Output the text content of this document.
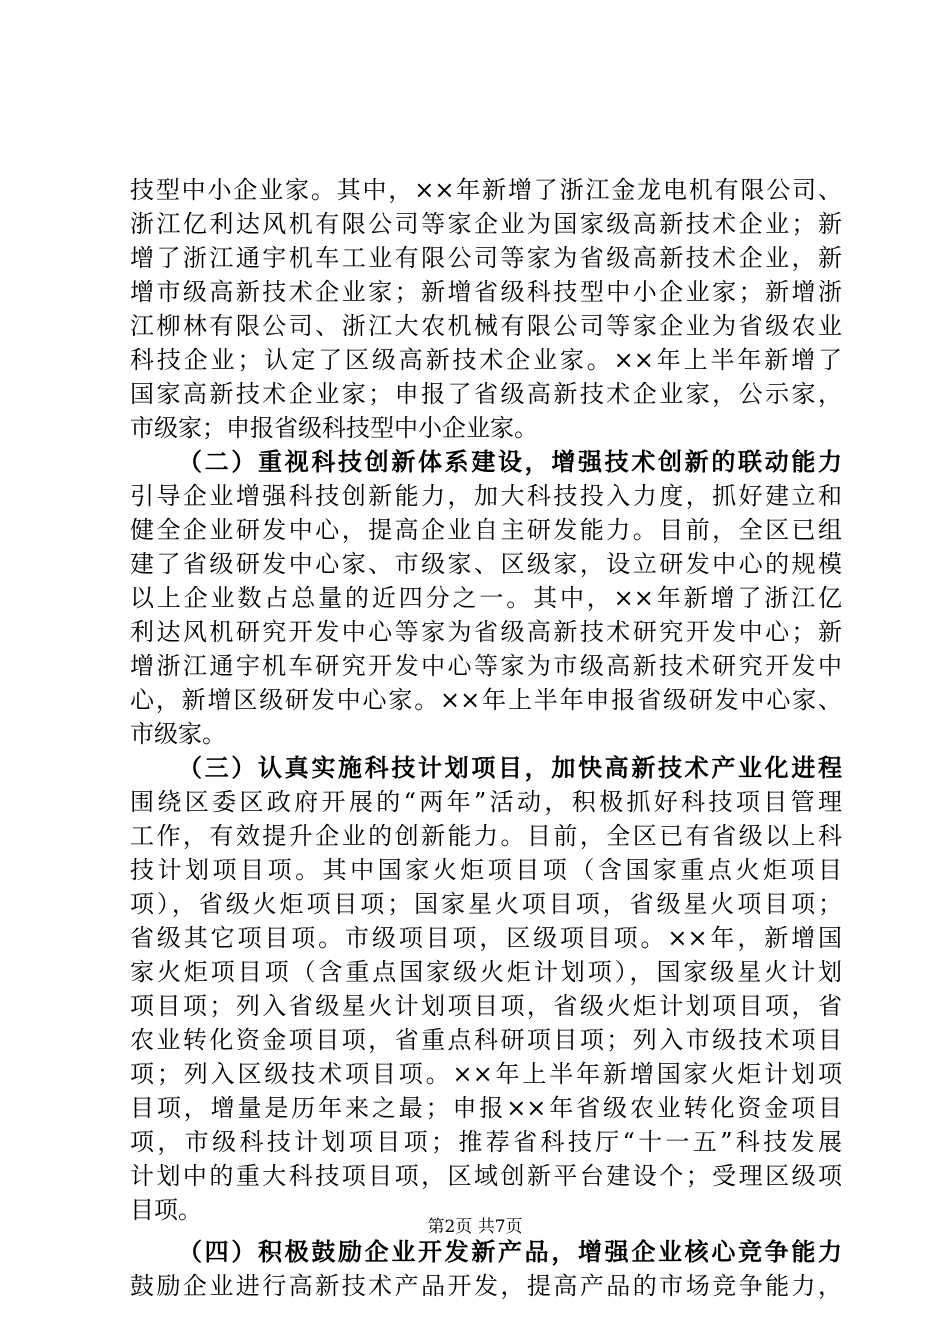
技型中小企业家。其中，××年新增了浙江金龙电机有限公司、
浙江亿利达风机有限公司等家企业为国家级高新技术企业；新
增了浙江通宇机车工业有限公司等家为省级高新技术企业，新
增市级高新技术企业家；新增省级科技型中小企业家；新增浙
江柳林有限公司、浙江大农机械有限公司等家企业为省级农业
科技企业；认定了区级高新技术企业家。××年上半年新增了
国家高新技术企业家；申报了省级高新技术企业家，公示家，
市级家；申报省级科技型中小企业家。
（二）重视科技创新体系建设，增强技术创新的联动能力
引导企业增强科技创新能力，加大科技投入力度，抓好建立和
健全企业研发中心，提高企业自主研发能力。目前，全区已组
建了省级研发中心家、市级家、区级家，设立研发中心的规模
以上企业数占总量的近四分之一。其中，××年新增了浙江亿
利达风机研究开发中心等家为省级高新技术研究开发中心；新
增浙江通宇机车研究开发中心等家为市级高新技术研究开发中
心，新增区级研发中心家。××年上半年申报省级研发中心家、
市级家。
（三）认真实施科技计划项目，加快高新技术产业化进程
围绕区委区政府开展的“两年”活动，积极抓好科技项目管理
工作，有效提升企业的创新能力。目前，全区已有省级以上科
技计划项目项。其中国家火炬项目项（含国家重点火炬项目
项），省级火炬项目项；国家星火项目项，省级星火项目项；
省级其它项目项。市级项目项，区级项目项。××年，新增国
家火炬项目项（含重点国家级火炬计划项），国家级星火计划
项目项；列入省级星火计划项目项，省级火炬计划项目项，省
农业转化资金项目项，省重点科研项目项；列入市级技术项目
项；列入区级技术项目项。××年上半年新增国家火炬计划项
目项，增量是历年来之最；申报××年省级农业转化资金项目
项，市级科技计划项目项；推荐省科技厅“十一五”科技发展
计划中的重大科技项目项，区域创新平台建设个；受理区级项
目项。
（四）积极鼓励企业开发新产品，增强企业核心竞争能力
鼓励企业进行高新技术产品开发，提高产品的市场竞争能力，
第2页 共7页
